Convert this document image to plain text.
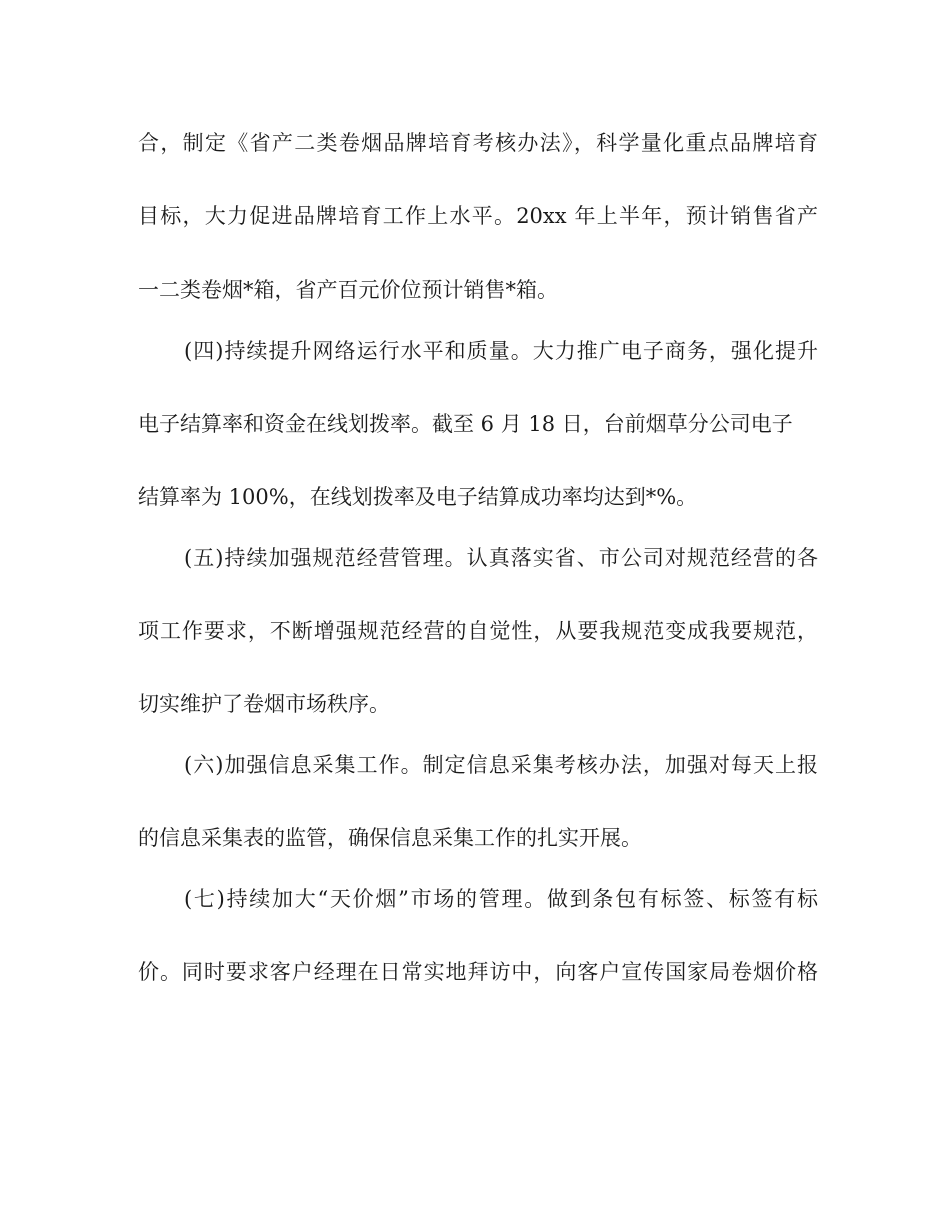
合，制定《省产二类卷烟品牌培育考核办法》，科学量化重点品牌培育
目标，大力促进品牌培育工作上水平。20xx 年上半年，预计销售省产
一二类卷烟*箱，省产百元价位预计销售*箱。
(四)持续提升网络运行水平和质量。大力推广电子商务，强化提升
电子结算率和资金在线划拨率。截至 6 月 18 日，台前烟草分公司电子
结算率为 100%，在线划拨率及电子结算成功率均达到*%。
(五)持续加强规范经营管理。认真落实省、市公司对规范经营的各
项工作要求，不断增强规范经营的自觉性，从要我规范变成我要规范，
切实维护了卷烟市场秩序。
(六)加强信息采集工作。制定信息采集考核办法，加强对每天上报
的信息采集表的监管，确保信息采集工作的扎实开展。
(七)持续加大“天价烟”市场的管理。做到条包有标签、标签有标
价。同时要求客户经理在日常实地拜访中，向客户宣传国家局卷烟价格
